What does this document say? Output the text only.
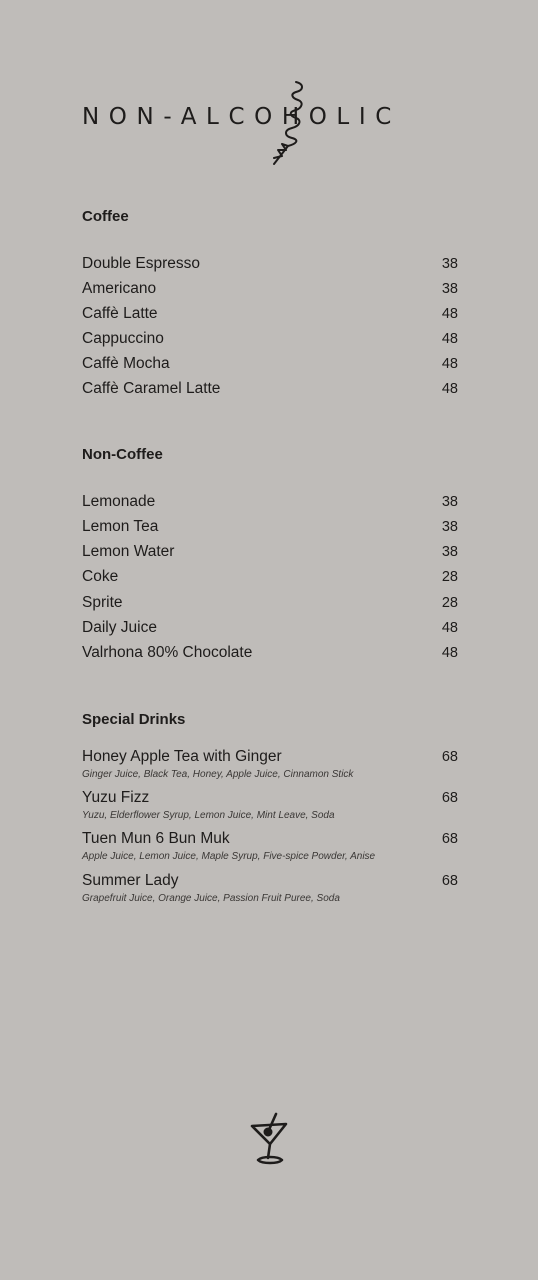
NON-ALCOHOLIC
Coffee
Double Espresso	38
Americano	38
Caffè Latte	48
Cappuccino	48
Caffè Mocha	48
Caffè Caramel Latte	48
Non-Coffee
Lemonade	38
Lemon Tea	38
Lemon Water	38
Coke	28
Sprite	28
Daily Juice	48
Valrhona 80% Chocolate	48
Special Drinks
Honey Apple Tea with Ginger	68
Ginger Juice, Black Tea, Honey, Apple Juice, Cinnamon Stick
Yuzu Fizz	68
Yuzu, Elderflower Syrup, Lemon Juice, Mint Leave, Soda
Tuen Mun 6 Bun Muk	68
Apple Juice, Lemon Juice, Maple Syrup, Five-spice Powder, Anise
Summer Lady	68
Grapefruit Juice, Orange Juice, Passion Fruit Puree, Soda
